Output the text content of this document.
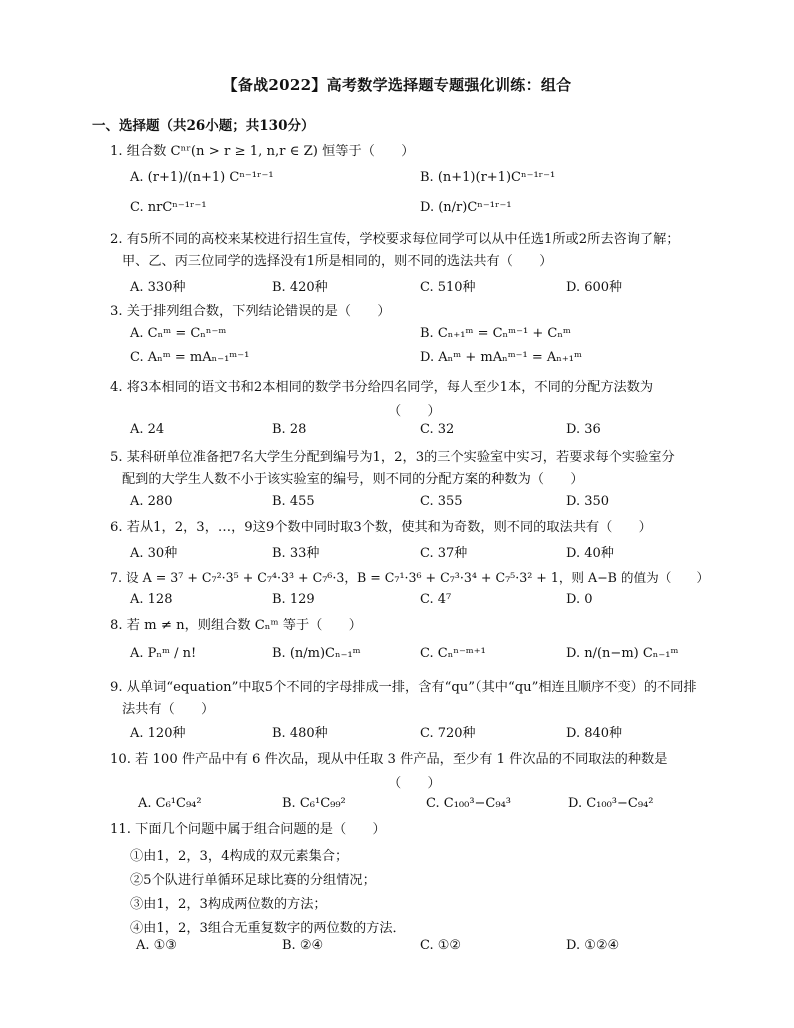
【备战2022】高考数学选择题专题强化训练：组合
一、选择题（共26小题；共130分）
1. 组合数 Cⁿʳ(n > r ≥ 1, n,r ∈ Z) 恒等于（　　）
A. (r+1)/(n+1) Cⁿ⁻¹ʳ⁻¹	B. (n+1)(r+1)Cⁿ⁻¹ʳ⁻¹
C. nrCⁿ⁻¹ʳ⁻¹	D. (n/r)Cⁿ⁻¹ʳ⁻¹
2. 有5所不同的高校来某校进行招生宣传，学校要求每位同学可以从中任选1所或2所去咨询了解；
甲、乙、丙三位同学的选择没有1所是相同的，则不同的选法共有（　　）
A. 330种	B. 420种	C. 510种	D. 600种
3. 关于排列组合数，下列结论错误的是（　　）
A. Cₙᵐ = Cₙⁿ⁻ᵐ	B. Cₙ₊₁ᵐ = Cₙᵐ⁻¹ + Cₙᵐ
C. Aₙᵐ = mAₙ₋₁ᵐ⁻¹	D. Aₙᵐ + mAₙᵐ⁻¹ = Aₙ₊₁ᵐ
4. 将3本相同的语文书和2本相同的数学书分给四名同学，每人至少1本，不同的分配方法数为
（　　）
A. 24	B. 28	C. 32	D. 36
5. 某科研单位准备把7名大学生分配到编号为1，2，3的三个实验室中实习，若要求每个实验室分
配到的大学生人数不小于该实验室的编号，则不同的分配方案的种数为（　　）
A. 280	B. 455	C. 355	D. 350
6. 若从1，2，3，…，9这9个数中同时取3个数，使其和为奇数，则不同的取法共有（　　）
A. 30种	B. 33种	C. 37种	D. 40种
7. 设 A = 3⁷ + C₇²·3⁵ + C₇⁴·3³ + C₇⁶·3，B = C₇¹·3⁶ + C₇³·3⁴ + C₇⁵·3² + 1，则 A−B 的值为（　　）
A. 128	B. 129	C. 4⁷	D. 0
8. 若 m ≠ n，则组合数 Cₙᵐ 等于（　　）
A. Pₙᵐ / n!	B. (n/m)Cₙ₋₁ᵐ	C. Cₙⁿ⁻ᵐ⁺¹	D. n/(n−m) Cₙ₋₁ᵐ
9. 从单词“equation”中取5个不同的字母排成一排，含有“qu”（其中“qu”相连且顺序不变）的不同排
法共有（　　）
A. 120种	B. 480种	C. 720种	D. 840种
10. 若 100 件产品中有 6 件次品，现从中任取 3 件产品，至少有 1 件次品的不同取法的种数是
（　　）
A. C₆¹C₉₄²	B. C₆¹C₉₉²	C. C₁₀₀³−C₉₄³	D. C₁₀₀³−C₉₄²
11. 下面几个问题中属于组合问题的是（　　）
①由1，2，3，4构成的双元素集合；
②5个队进行单循环足球比赛的分组情况；
③由1，2，3构成两位数的方法；
④由1，2，3组合无重复数字的两位数的方法．
A. ①③	B. ②④	C. ①②	D. ①②④
